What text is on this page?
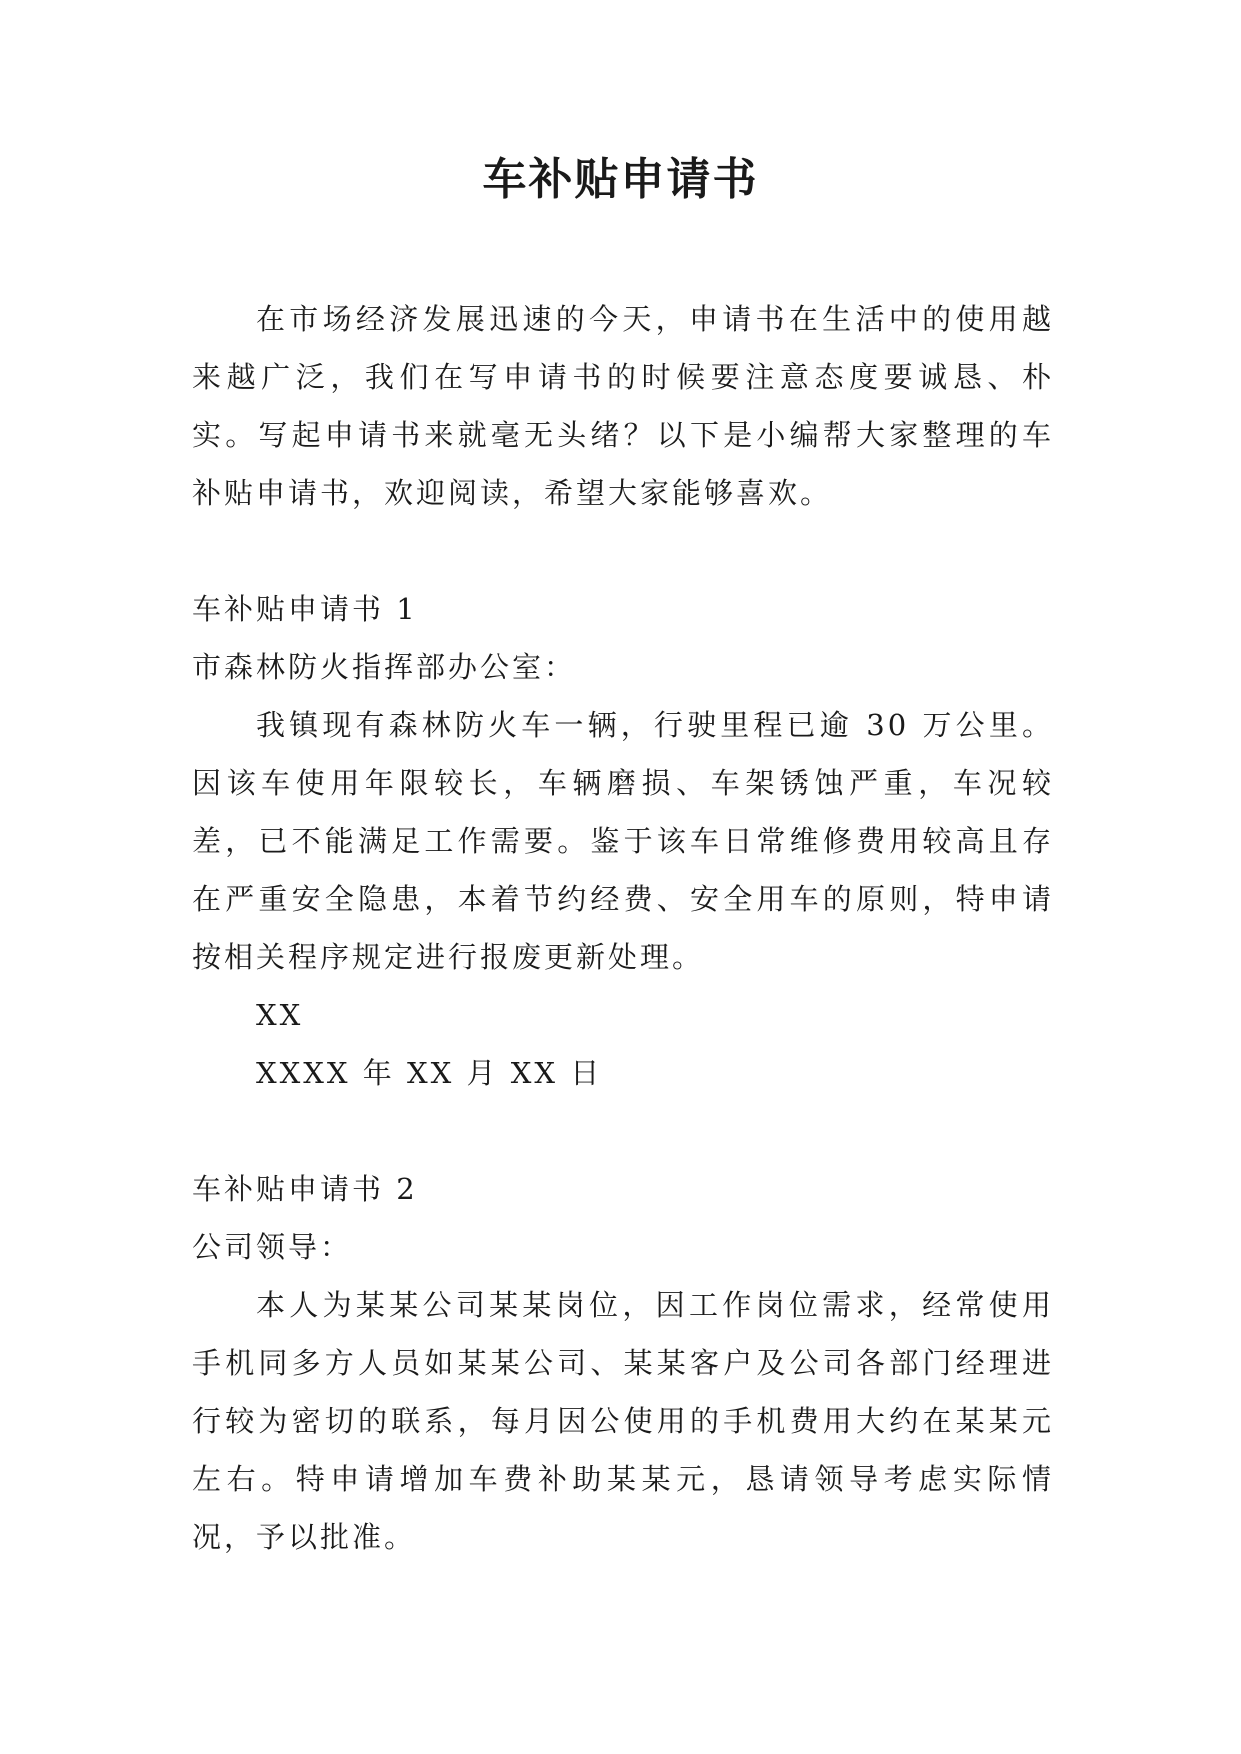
车补贴申请书

在市场经济发展迅速的今天，申请书在生活中的使用越来越广泛，我们在写申请书的时候要注意态度要诚恳、朴实。写起申请书来就毫无头绪？以下是小编帮大家整理的车补贴申请书，欢迎阅读，希望大家能够喜欢。

车补贴申请书 1

市森林防火指挥部办公室：

我镇现有森林防火车一辆，行驶里程已逾 30 万公里。因该车使用年限较长，车辆磨损、车架锈蚀严重，车况较差，已不能满足工作需要。鉴于该车日常维修费用较高且存在严重安全隐患，本着节约经费、安全用车的原则，特申请按相关程序规定进行报废更新处理。

XX

XXXX 年 XX 月 XX 日

车补贴申请书 2

公司领导：

本人为某某公司某某岗位，因工作岗位需求，经常使用手机同多方人员如某某公司、某某客户及公司各部门经理进行较为密切的联系，每月因公使用的手机费用大约在某某元左右。特申请增加车费补助某某元，恳请领导考虑实际情况，予以批准。
